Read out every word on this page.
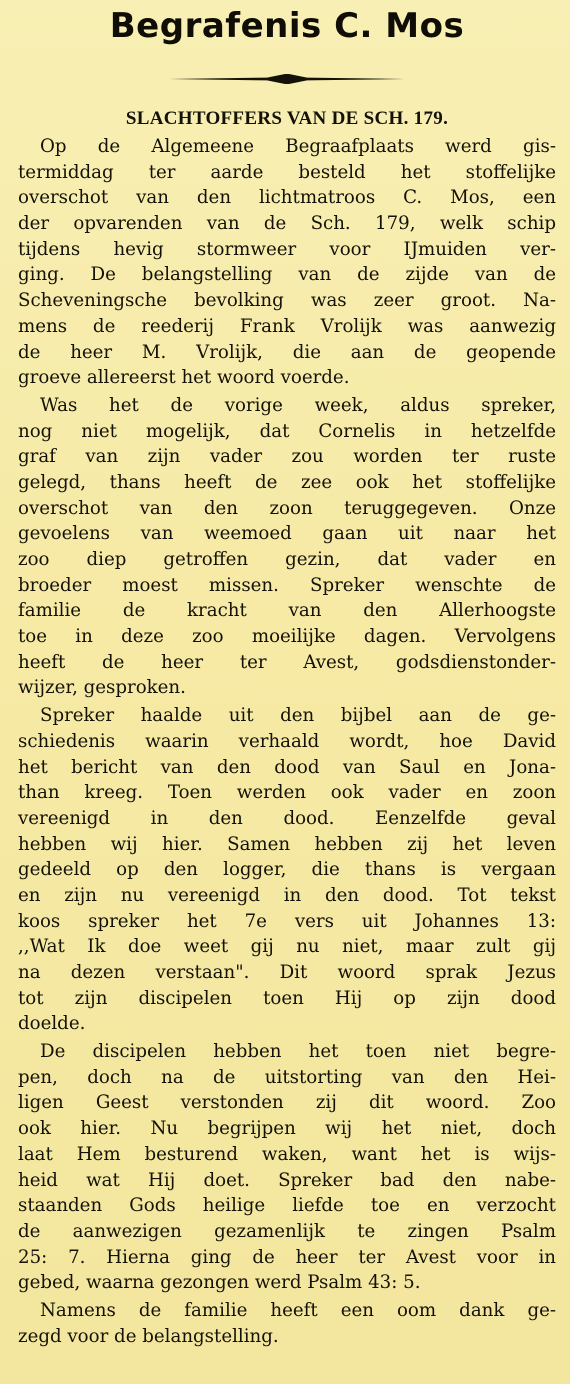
Begrafenis C. Mos
SLACHTOFFERS VAN DE SCH. 179.

Op de Algemeene Begraafplaats werd gis-
termiddag ter aarde besteld het stoffelijke
overschot van den lichtmatroos C. Mos, een
der opvarenden van de Sch. 179, welk schip
tijdens hevig stormweer voor IJmuiden ver-
ging. De belangstelling van de zijde van de
Scheveningsche bevolking was zeer groot. Na-
mens de reederij Frank Vrolijk was aanwezig
de heer M. Vrolijk, die aan de geopende
groeve allereerst het woord voerde.

Was het de vorige week, aldus spreker,
nog niet mogelijk, dat Cornelis in hetzelfde
graf van zijn vader zou worden ter ruste
gelegd, thans heeft de zee ook het stoffelijke
overschot van den zoon teruggegeven. Onze
gevoelens van weemoed gaan uit naar het
zoo diep getroffen gezin, dat vader en
broeder moest missen. Spreker wenschte de
familie de kracht van den Allerhoogste
toe in deze zoo moeilijke dagen. Vervolgens
heeft de heer ter Avest, godsdienstonder-
wijzer, gesproken.

Spreker haalde uit den bijbel aan de ge-
schiedenis waarin verhaald wordt, hoe David
het bericht van den dood van Saul en Jona-
than kreeg. Toen werden ook vader en zoon
vereenigd in den dood. Eenzelfde geval
hebben wij hier. Samen hebben zij het leven
gedeeld op den logger, die thans is vergaan
en zijn nu vereenigd in den dood. Tot tekst
koos spreker het 7e vers uit Johannes 13:
,,Wat Ik doe weet gij nu niet, maar zult gij
na dezen verstaan". Dit woord sprak Jezus
tot zijn discipelen toen Hij op zijn dood
doelde.

De discipelen hebben het toen niet begre-
pen, doch na de uitstorting van den Hei-
ligen Geest verstonden zij dit woord. Zoo
ook hier. Nu begrijpen wij het niet, doch
laat Hem besturend waken, want het is wijs-
heid wat Hij doet. Spreker bad den nabe-
staanden Gods heilige liefde toe en verzocht
de aanwezigen gezamenlijk te zingen Psalm
25: 7. Hierna ging de heer ter Avest voor in
gebed, waarna gezongen werd Psalm 43: 5.

Namens de familie heeft een oom dank ge-
zegd voor de belangstelling.
